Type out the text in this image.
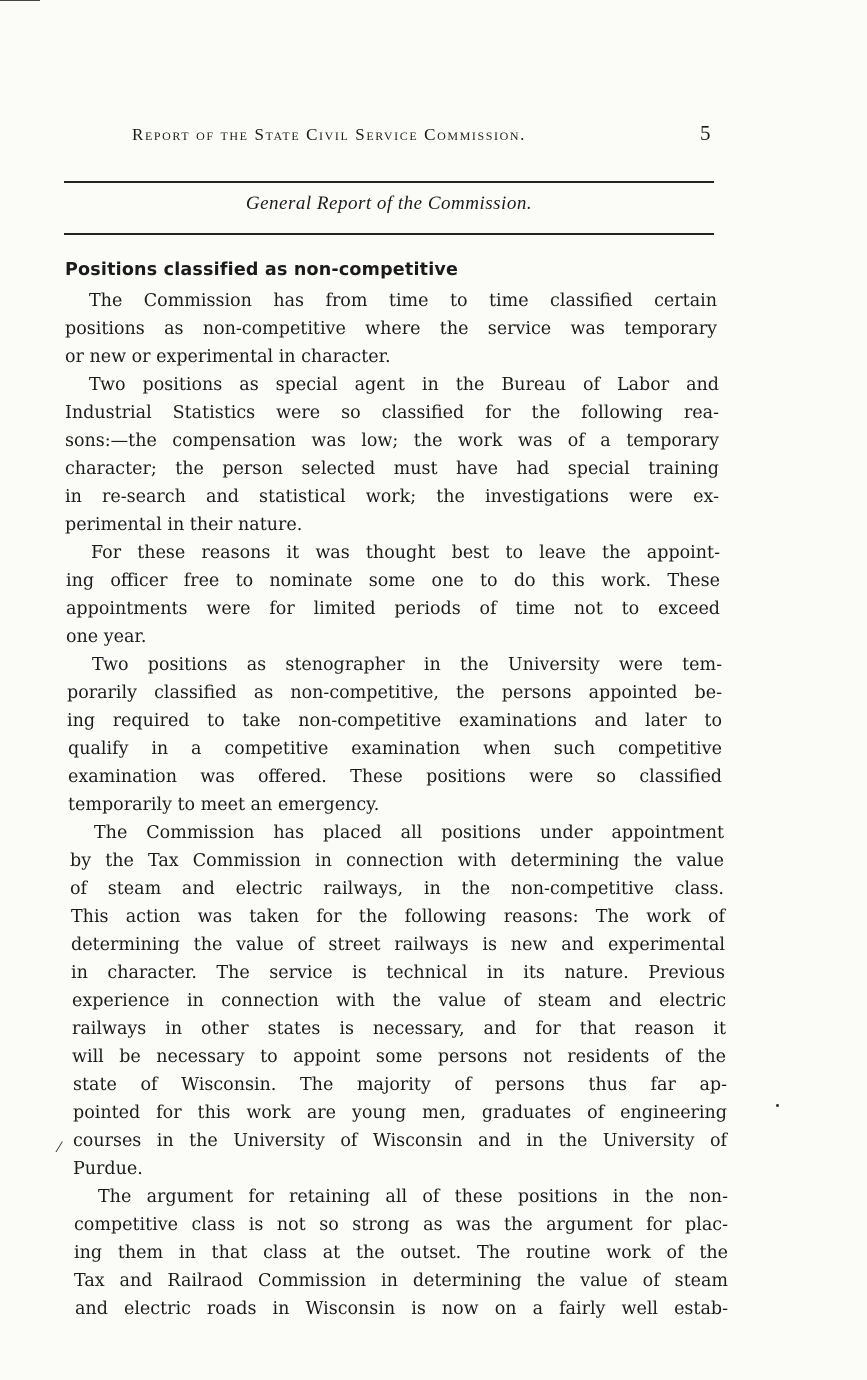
Report of the State Civil Service Commission.	5
General Report of the Commission.
Positions classified as non-competitive
The Commission has from time to time classified certain
positions as non-competitive where the service was temporary
or new or experimental in character.
Two positions as special agent in the Bureau of Labor and
Industrial Statistics were so classified for the following rea-
sons:—the compensation was low; the work was of a temporary
character; the person selected must have had special training
in re-search and statistical work; the investigations were ex-
perimental in their nature.
For these reasons it was thought best to leave the appoint-
ing officer free to nominate some one to do this work. These
appointments were for limited periods of time not to exceed
one year.
Two positions as stenographer in the University were tem-
porarily classified as non-competitive, the persons appointed be-
ing required to take non-competitive examinations and later to
qualify in a competitive examination when such competitive
examination was offered. These positions were so classified
temporarily to meet an emergency.
The Commission has placed all positions under appointment
by the Tax Commission in connection with determining the value
of steam and electric railways, in the non-competitive class.
This action was taken for the following reasons: The work of
determining the value of street railways is new and experimental
in character. The service is technical in its nature. Previous
experience in connection with the value of steam and electric
railways in other states is necessary, and for that reason it
will be necessary to appoint some persons not residents of the
state of Wisconsin. The majority of persons thus far ap-
pointed for this work are young men, graduates of engineering
courses in the University of Wisconsin and in the University of
Purdue.
The argument for retaining all of these positions in the non-
competitive class is not so strong as was the argument for plac-
ing them in that class at the outset. The routine work of the
Tax and Railraod Commission in determining the value of steam
and electric roads in Wisconsin is now on a fairly well estab-
⁄
